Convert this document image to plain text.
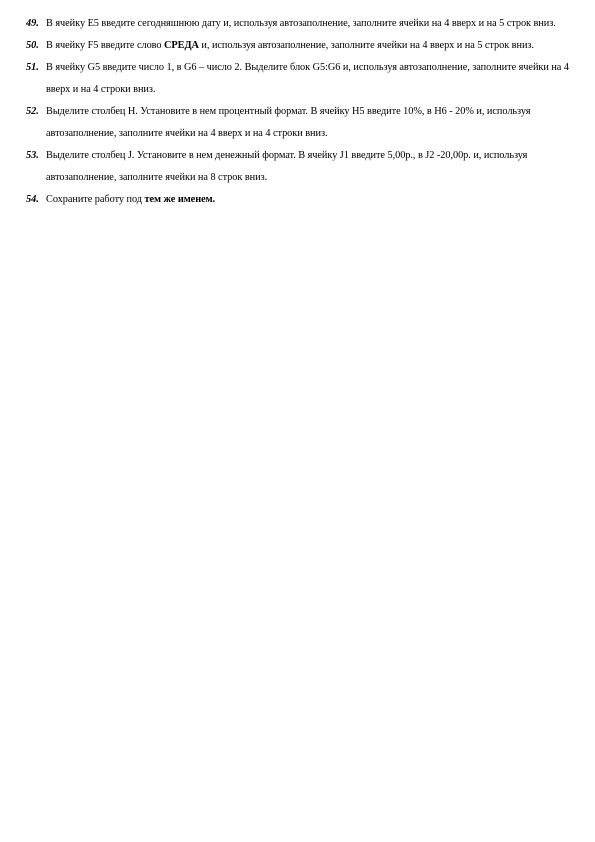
49. В ячейку E5 введите сегодняшнюю дату и, используя автозаполнение, заполните ячейки на 4 вверх и на 5 строк вниз.
50. В ячейку F5 введите слово СРЕДА и, используя автозаполнение, заполните ячейки на 4 вверх и на 5 строк вниз.
51. В ячейку G5 введите число 1, в G6 – число 2. Выделите блок G5:G6 и, используя автозаполнение, заполните ячейки на 4 вверх и на 4 строки вниз.
52. Выделите столбец H. Установите в нем процентный формат. В ячейку H5 введите 10%, в H6 - 20% и, используя автозаполнение, заполните ячейки на 4 вверх и на 4 строки вниз.
53. Выделите столбец J. Установите в нем денежный формат. В ячейку J1 введите 5,00р., в J2 -20,00р. и, используя автозаполнение, заполните ячейки на 8 строк вниз.
54. Сохраните работу под тем же именем.
